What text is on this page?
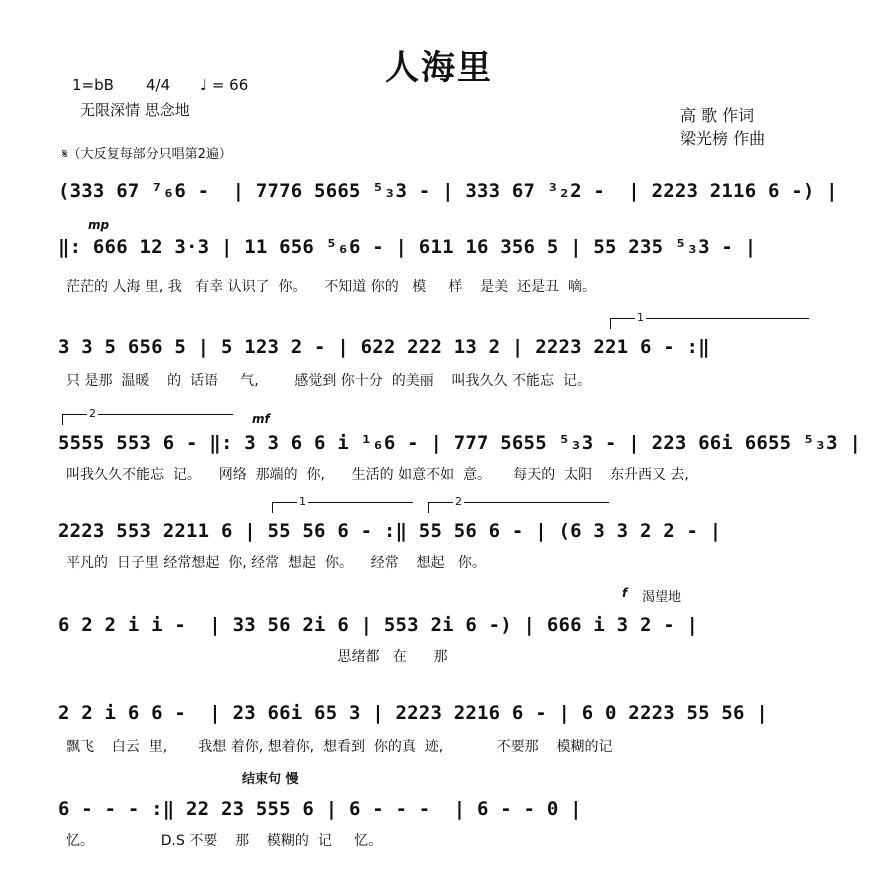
人海里
1=bB 4/4 ♩ = 66
无限深情 思念地	高 歌 作词
梁光榜 作曲
𝄋（大反复每部分只唱第2遍）
(333 67 ⁷₆6 -  | 7776 5665 ⁵₃3 - | 333 67 ³₂2 -  | 2223 2116 6 -) |
mp
‖: 666 12 3·3 | 11 656 ⁵₆6 - | 611 16 356 5 | 55 235 ⁵₃3 - |
茫茫的 人海 里, 我   有幸 认识了  你。    不知道 你的   模     样    是美  还是丑  嘀。
1
3 3 5 656 5 | 5 123 2 - | 622 222 13 2 | 2223 221 6 - :‖
只 是那  温暖    的  话语     气,        感觉到 你十分  的美丽    叫我久久 不能忘  记。
2	mf
5555 553 6 - ‖: 3 3 6 6 i ¹₆6 - | 777 5655 ⁵₃3 - | 223 66i 6655 ⁵₃3 |
叫我久久不能忘  记。    网络  那端的  你,      生活的 如意不如  意。     每天的  太阳    东升西又 去,
1	2
2223 553 2211 6 | 55 56 6 - :‖ 55 56 6 - | (6 3 3 2 2 - |
平凡的  日子里 经常想起  你, 经常  想起  你。    经常    想起   你。
f 渴望地
6 2 2 i i -  | 33 56 2i 6 | 553 2i 6 -) | 666 i 3 2 - |
思绪都   在      那
2 2 i 6 6 -  | 23 66i 65 3 | 2223 2216 6 - | 6 0 2223 55 56 |
飘飞    白云  里,       我想 着你, 想着你,  想看到  你的真  迹,            不要那    模糊的记
结束句 慢
6 - - - :‖ 22 23 555 6 | 6 - - -  | 6 - - 0 |
忆。               D.S 不要    那    模糊的  记     忆。
